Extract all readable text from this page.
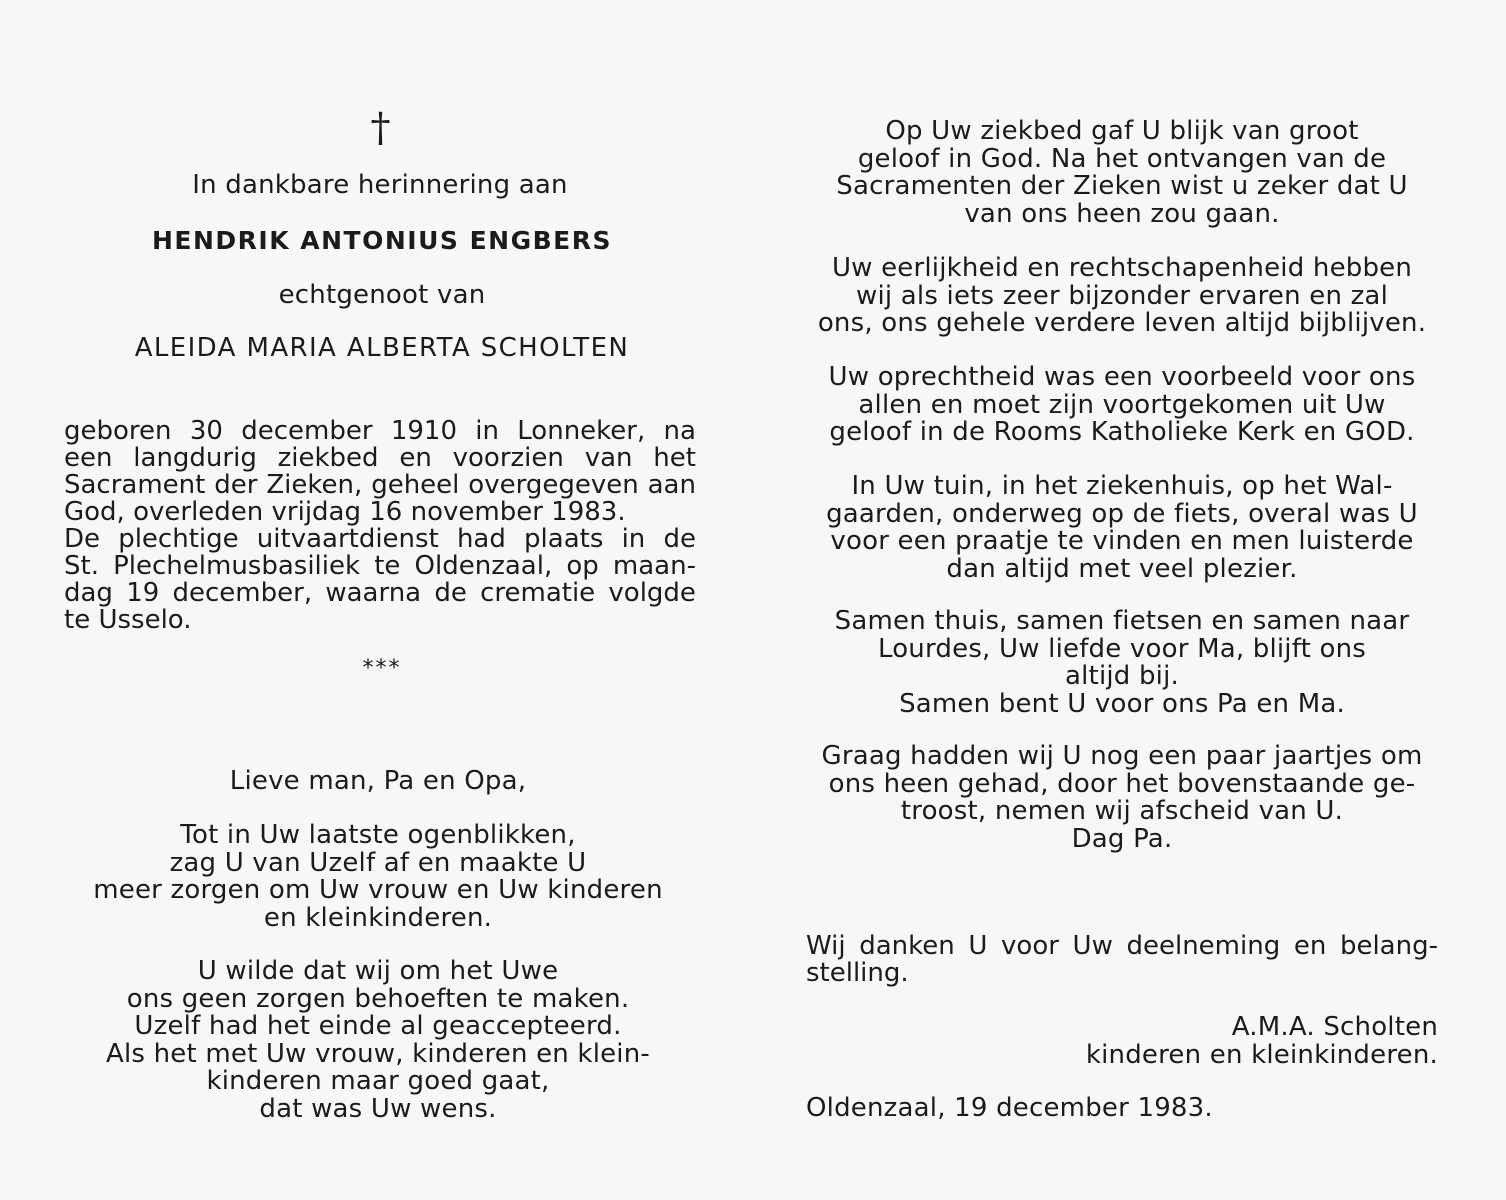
†
In dankbare herinnering aan
HENDRIK ANTONIUS ENGBERS
echtgenoot van
ALEIDA MARIA ALBERTA SCHOLTEN
geboren 30 december 1910 in Lonneker, na
een langdurig ziekbed en voorzien van het
Sacrament der Zieken, geheel overgegeven aan
God, overleden vrijdag 16 november 1983.
De plechtige uitvaartdienst had plaats in de
St. Plechelmusbasiliek te Oldenzaal, op maan-
dag 19 december, waarna de crematie volgde
te Usselo.
***
Lieve man, Pa en Opa,
Tot in Uw laatste ogenblikken,
zag U van Uzelf af en maakte U
meer zorgen om Uw vrouw en Uw kinderen
en kleinkinderen.
U wilde dat wij om het Uwe
ons geen zorgen behoeften te maken.
Uzelf had het einde al geaccepteerd.
Als het met Uw vrouw, kinderen en klein-
kinderen maar goed gaat,
dat was Uw wens.
Op Uw ziekbed gaf U blijk van groot
geloof in God. Na het ontvangen van de
Sacramenten der Zieken wist u zeker dat U
van ons heen zou gaan.
Uw eerlijkheid en rechtschapenheid hebben
wij als iets zeer bijzonder ervaren en zal
ons, ons gehele verdere leven altijd bijblijven.
Uw oprechtheid was een voorbeeld voor ons
allen en moet zijn voortgekomen uit Uw
geloof in de Rooms Katholieke Kerk en GOD.
In Uw tuin, in het ziekenhuis, op het Wal-
gaarden, onderweg op de fiets, overal was U
voor een praatje te vinden en men luisterde
dan altijd met veel plezier.
Samen thuis, samen fietsen en samen naar
Lourdes, Uw liefde voor Ma, blijft ons
altijd bij.
Samen bent U voor ons Pa en Ma.
Graag hadden wij U nog een paar jaartjes om
ons heen gehad, door het bovenstaande ge-
troost, nemen wij afscheid van U.
Dag Pa.
Wij danken U voor Uw deelneming en belang-
stelling.
A.M.A. Scholten
kinderen en kleinkinderen.
Oldenzaal, 19 december 1983.
